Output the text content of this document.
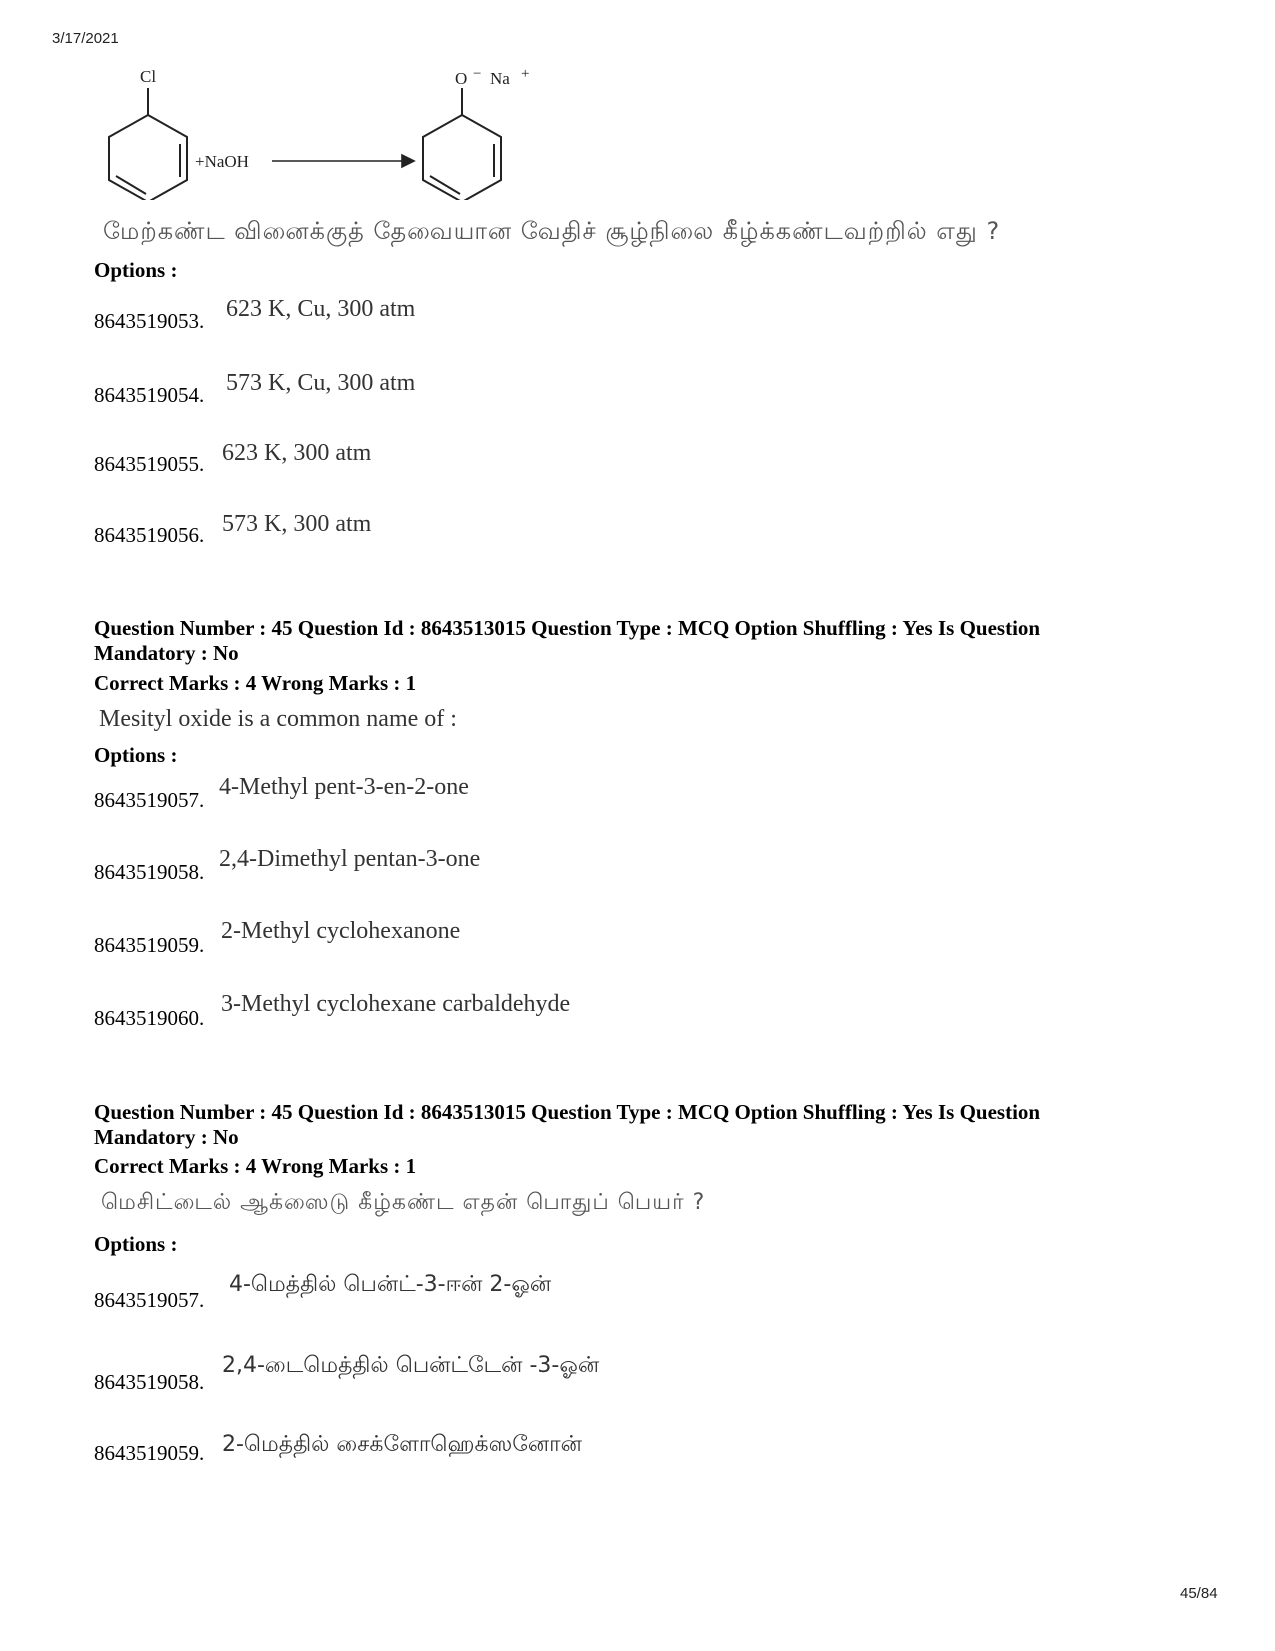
3/17/2021
Cl
+NaOH
O − Na +
மேற்கண்ட வினைக்குத் தேவையான வேதிச் சூழ்நிலை கீழ்க்கண்டவற்றில் எது ?
Options :
8643519053. 623 K, Cu, 300 atm
8643519054. 573 K, Cu, 300 atm
8643519055. 623 K, 300 atm
8643519056. 573 K, 300 atm
Question Number : 45 Question Id : 8643513015 Question Type : MCQ Option Shuffling : Yes Is Question
Mandatory : No
Correct Marks : 4 Wrong Marks : 1
Mesityl oxide is a common name of :
Options :
8643519057. 4-Methyl pent-3-en-2-one
8643519058. 2,4-Dimethyl pentan-3-one
8643519059.
2-Methyl cyclohexanone
8643519060.
3-Methyl cyclohexane carbaldehyde
Question Number : 45 Question Id : 8643513015 Question Type : MCQ Option Shuffling : Yes Is Question
Mandatory : No
Correct Marks : 4 Wrong Marks : 1
மெசிட்டைல் ஆக்ஸைடு கீழ்கண்ட எதன் பொதுப் பெயர் ?
Options :
8643519057.
4-மெத்தில் பென்ட்-3-ஈன் 2-ஓன்
8643519058.
2,4-டைமெத்தில் பென்ட்டேன் -3-ஓன்
8643519059. 2-மெத்தில் சைக்ளோஹெக்ஸனோன்
45/84
